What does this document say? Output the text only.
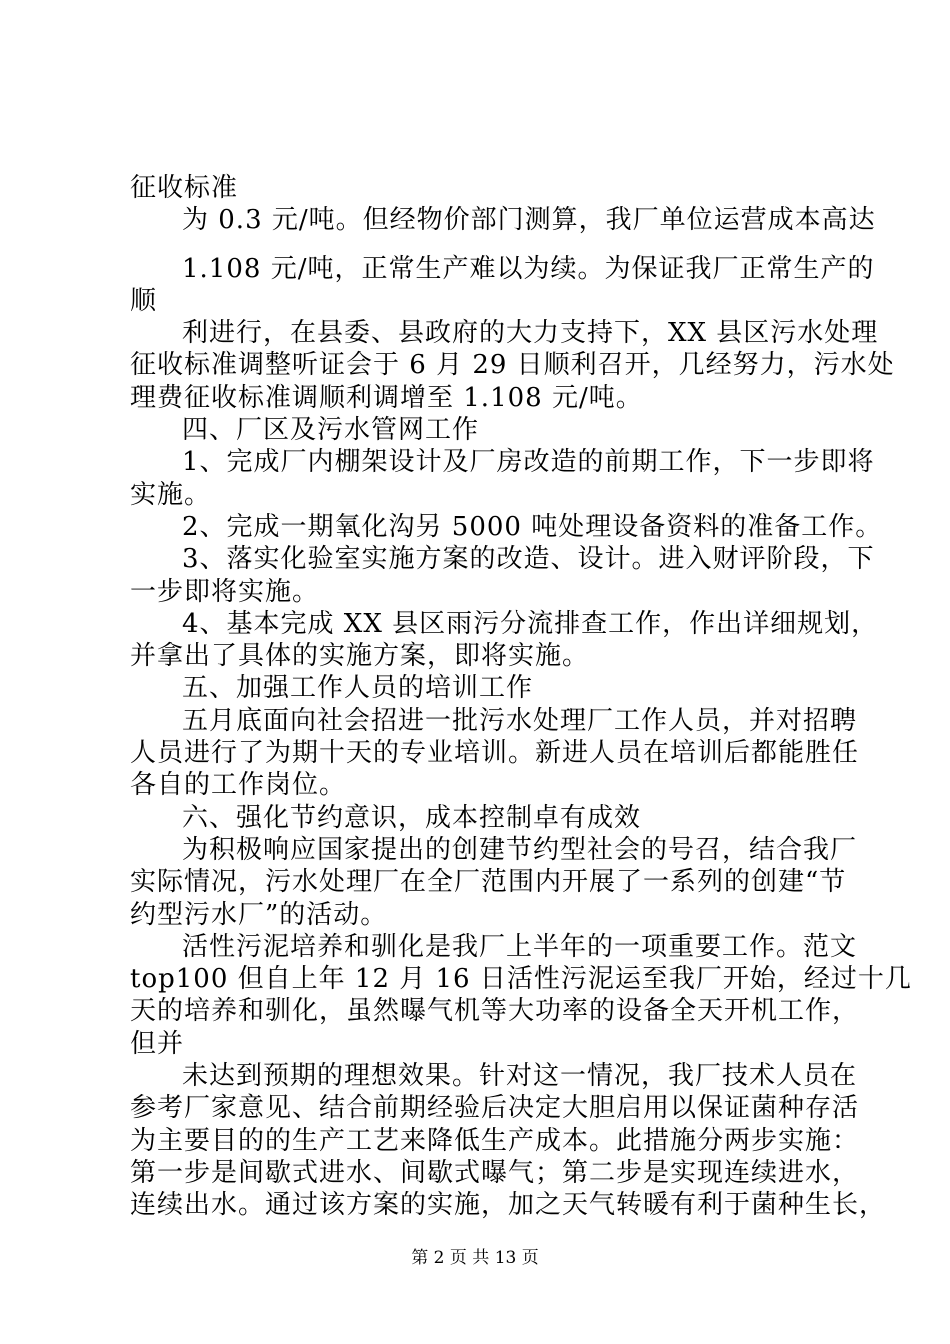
征收标准
为 0.3 元/吨。但经物价部门测算，我厂单位运营成本高达
1.108 元/吨，正常生产难以为续。为保证我厂正常生产的
顺
利进行，在县委、县政府的大力支持下，XX 县区污水处理
征收标准调整听证会于 6 月 29 日顺利召开，几经努力，污水处
理费征收标准调顺利调增至 1.108 元/吨。
四、厂区及污水管网工作
1、完成厂内棚架设计及厂房改造的前期工作，下一步即将
实施。
2、完成一期氧化沟另 5000 吨处理设备资料的准备工作。
3、落实化验室实施方案的改造、设计。进入财评阶段，下
一步即将实施。
4、基本完成 XX 县区雨污分流排查工作，作出详细规划，
并拿出了具体的实施方案，即将实施。
五、加强工作人员的培训工作
五月底面向社会招进一批污水处理厂工作人员，并对招聘
人员进行了为期十天的专业培训。新进人员在培训后都能胜任
各自的工作岗位。
六、强化节约意识，成本控制卓有成效
为积极响应国家提出的创建节约型社会的号召，结合我厂
实际情况，污水处理厂在全厂范围内开展了一系列的创建“节
约型污水厂”的活动。
活性污泥培养和驯化是我厂上半年的一项重要工作。范文
top100 但自上年 12 月 16 日活性污泥运至我厂开始，经过十几
天的培养和驯化，虽然曝气机等大功率的设备全天开机工作，
但并
未达到预期的理想效果。针对这一情况，我厂技术人员在
参考厂家意见、结合前期经验后决定大胆启用以保证菌种存活
为主要目的的生产工艺来降低生产成本。此措施分两步实施：
第一步是间歇式进水、间歇式曝气；第二步是实现连续进水，
连续出水。通过该方案的实施，加之天气转暖有利于菌种生长，
第 2 页 共 13 页
